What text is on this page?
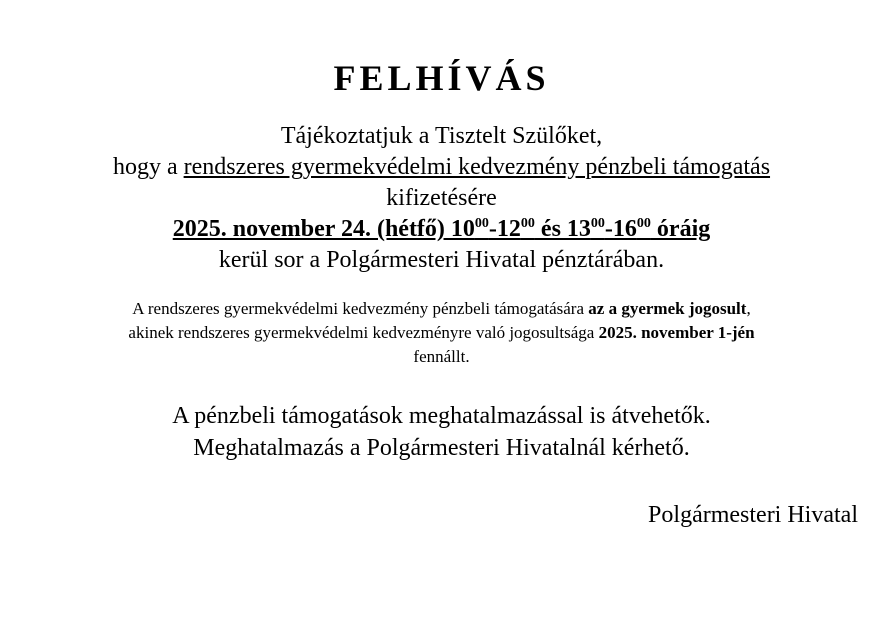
FELHÍVÁS
Tájékoztatjuk a Tisztelt Szülőket,
hogy a rendszeres gyermekvédelmi kedvezmény pénzbeli támogatás
kifizetésére
2025. november 24. (hétfő) $10^{00}-12^{00}$ és $13^{00}-16^{00}$ óráig
kerül sor a Polgármesteri Hivatal pénztárában.
A rendszeres gyermekvédelmi kedvezmény pénzbeli támogatására az a gyermek jogosult,
akinek rendszeres gyermekvédelmi kedvezményre való jogosultsága 2025. november 1-jén
fennállt.
A pénzbeli támogatások meghatalmazással is átvehetők.
Meghatalmazás a Polgármesteri Hivatalnál kérhető.
Polgármesteri Hivatal
